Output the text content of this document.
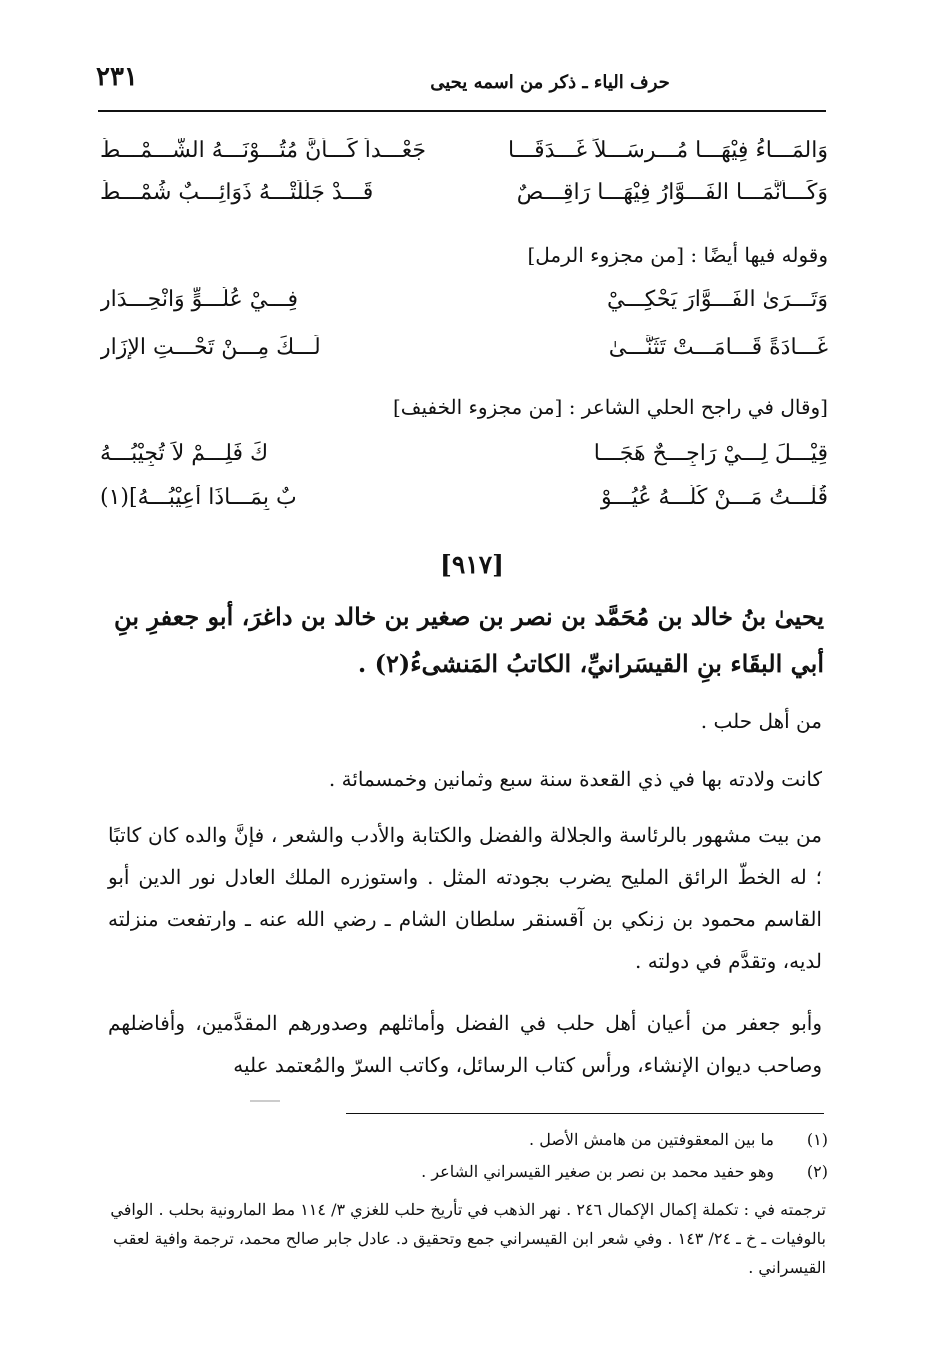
٢٣١	حرف الياء ـ ذكر من اسمه يحيى
وَالمَـــاءُ فِيْهَـــا مُـــرسَـــلاً غَـــدَقَـــا
جَعْـــداً كَـــأَنَّ مُتُـــوْنَـــهُ الشَّـــمْـــطُ
وَكَـــأَنَّمَـــا الفَـــوَّارُ فِيْهَـــا رَاقِـــصٌ
قَـــدْ جَلَّلَتْـــهُ ذَوَائِـــبٌ شُمْـــطُ
وقوله فيها أيضًا : [من مجزوء الرمل]
وَتَـــرَىٰ الفَـــوَّارَ يَحْكِـــيْ
فِـــيْ عُلُـــوٍّ وَانْحِـــدَار
غَـــادَةً قَـــامَـــتْ تَثَنَّـــىٰ
لَـــكَ مِـــنْ تَحْـــتِ الإِزَار
[وقال في راجح الحلي الشاعر : [من مجزوء الخفيف]
قِيْـــلَ لِـــيْ رَاجِـــحٌ هَجَـــا
كَ فَلِـــمْ لاَ تُجِيْبُـــهُ
قُلْـــتُ مَـــنْ كُلُّـــهُ عُيُـــوْ
بٌ بِمَـــاذَا أُعِيْبُـــهُ](١)
[٩١٧]
يحيىٰ بنُ خالد بن مُحَمَّد بن نصر بن صغير بن خالد بن داغرَ، أبو جعفرِ بنِ أبي البقَاء بنِ القيسَرانيِّ، الكاتبُ المَنشىءُ(٢) .
من أهل حلب .
كانت ولادته بها في ذي القعدة سنة سبع وثمانين وخمسمائة .
من بيت مشهور بالرئاسة والجلالة والفضل والكتابة والأدب والشعر ، فإنَّ والده كان كاتبًا ؛ له الخطّ الرائق المليح يضرب بجودته المثل . واستوزره الملك العادل نور الدين أبو القاسم محمود بن زنكي بن آقسنقر سلطان الشام ـ رضي الله عنه ـ وارتفعت منزلته لديه، وتقدَّم في دولته .
وأبو جعفر من أعيان أهل حلب في الفضل وأماثلهم وصدورهم المقدَّمين، وأفاضلهم وصاحب ديوان الإنشاء، ورأس كتاب الرسائل، وكاتب السرّ والمُعتمد عليه
(١)
ما بين المعقوفتين من هامش الأصل .
(٢)
وهو حفيد محمد بن نصر بن صغير القيسراني الشاعر .
ترجمته في : تكملة إكمال الإكمال ٢٤٦ . نهر الذهب في تأريخ حلب للغزي ٣/ ١١٤ مط المارونية بحلب . الوافي بالوفيات ـ خ ـ ٢٤/ ١٤٣ . وفي شعر ابن القيسراني جمع وتحقيق د. عادل جابر صالح محمد، ترجمة وافية لعقب القيسراني .
